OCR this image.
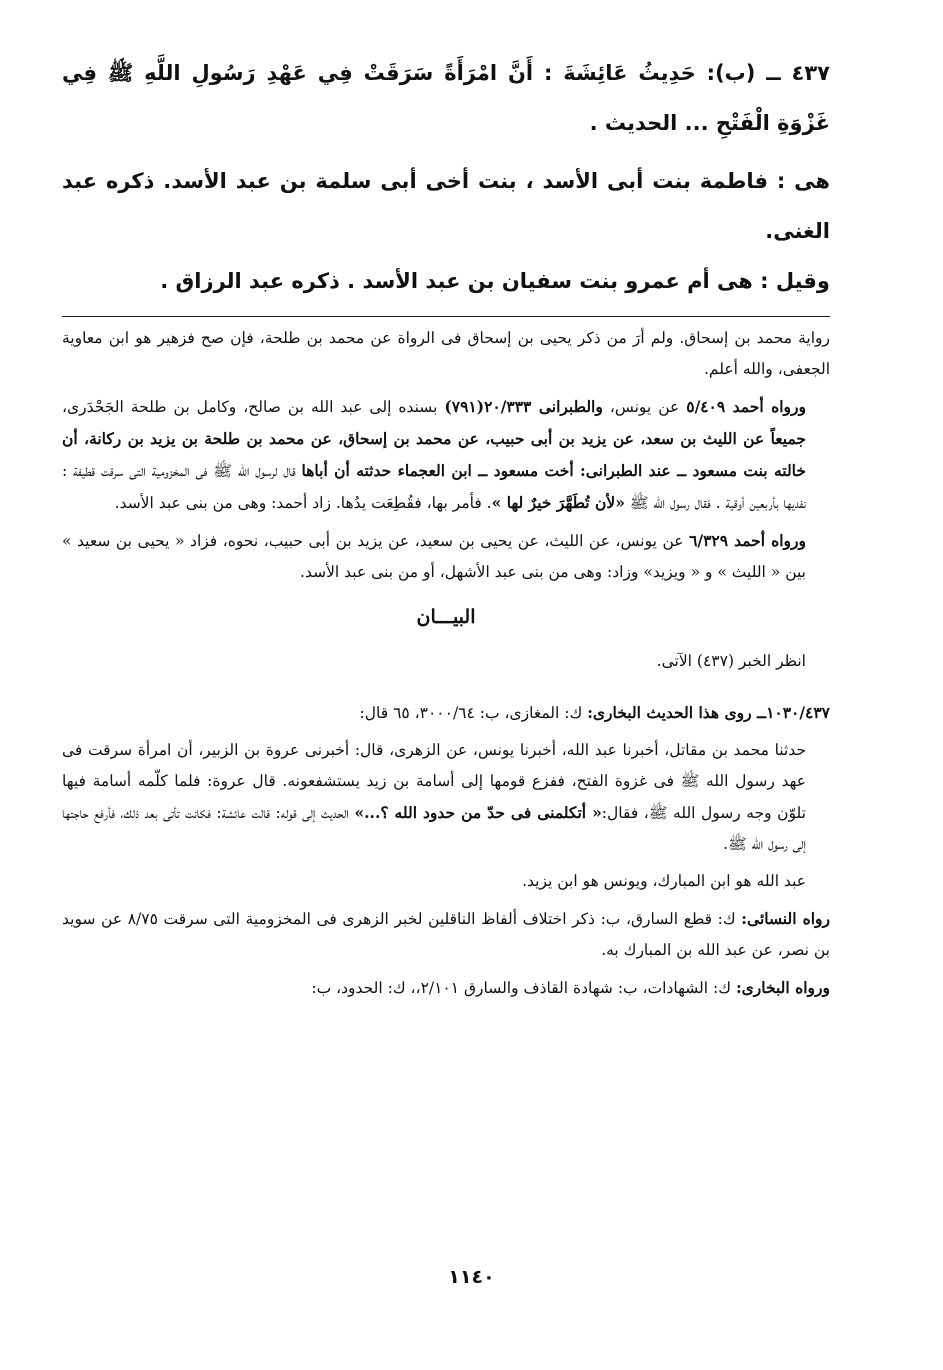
٤٣٧ ــ (ب): حَدِيثُ عَائِشَةَ : أَنَّ امْرَأَةً سَرَقَتْ فِي عَهْدِ رَسُولِ اللَّهِ ﷺ فِي غَزْوَةِ الْفَتْحِ ... الحديث .

هى : فاطمة بنت أبى الأسد ، بنت أخى أبى سلمة بن عبد الأسد. ذكره عبد الغنى.

وقيل : هى أم عمرو بنت سفيان بن عبد الأسد . ذكره عبد الرزاق .

رواية محمد بن إسحاق. ولم أرَ من ذكر يحيى بن إسحاق فى الرواة عن محمد بن طلحة، فإن صح فزهير هو ابن معاوية الجعفى، والله أعلم.

ورواه أحمد ٥/٤٠٩ عن يونس، والطبرانى ٢٠/٣٣٣(٧٩١) بسنده إلى عبد الله بن صالح، وكامل بن طلحة الجَحْدَرى، جميعاً عن الليث بن سعد، عن يزيد بن أبى حبيب، عن محمد بن إسحاق، عن محمد بن طلحة بن يزيد بن ركانة، أن خالته بنت مسعود ــ عند الطبرانى: أخت مسعود ــ ابن العجماء حدثته أن أباها قال لرسول الله ﷺ فى المخزومية التى سرقت قطيفة : نفديها بأربعين أوقية . فقال رسول الله ﷺ «لأن تُطَهَّرَ خيرٌ لها ». فأمر بها، فقُطِعَت يدُها. زاد أحمد: وهى من بنى عبد الأسد.

ورواه أحمد ٦/٣٢٩ عن يونس، عن الليث، عن يحيى بن سعيد، عن يزيد بن أبى حبيب، نحوه، فزاد « يحيى بن سعيد » بين « الليث » و « ويزيد» وزاد: وهى من بنى عبد الأشهل، أو من بنى عبد الأسد.

البيـــان

انظر الخبر (٤٣٧) الآتى.

١٠٣٠/٤٣٧ــ روى هذا الحديث البخارى: ك: المغازى، ب: ٣٠٠٠/٦٤، ٦٥ قال:

حدثنا محمد بن مقاتل، أخبرنا عبد الله، أخبرنا يونس، عن الزهرى، قال: أخبرنى عروة بن الزبير، أن امرأة سرقت فى عهد رسول الله ﷺ فى غزوة الفتح، ففزع قومها إلى أسامة بن زيد يستشفعونه. قال عروة: فلما كلّمه أسامة فيها تلوّن وجه رسول الله ﷺ، فقال:« أتكلمنى فى حدّ من حدود الله ؟...» الحديث إلى قوله: قالت عائشة: فكانت تأتى بعد ذلك، فأرفع حاجتها إلى رسول الله ﷺ.

عبد الله هو ابن المبارك، ويونس هو ابن يزيد.

رواه النسائى: ك: قطع السارق، ب: ذكر اختلاف ألفاظ الناقلين لخبر الزهرى فى المخزومية التى سرقت ٨/٧٥ عن سويد بن نصر، عن عبد الله بن المبارك به.

ورواه البخارى: ك: الشهادات، ب: شهادة القاذف والسارق ٢/١٠١،، ك: الحدود، ب:

١١٤٠
